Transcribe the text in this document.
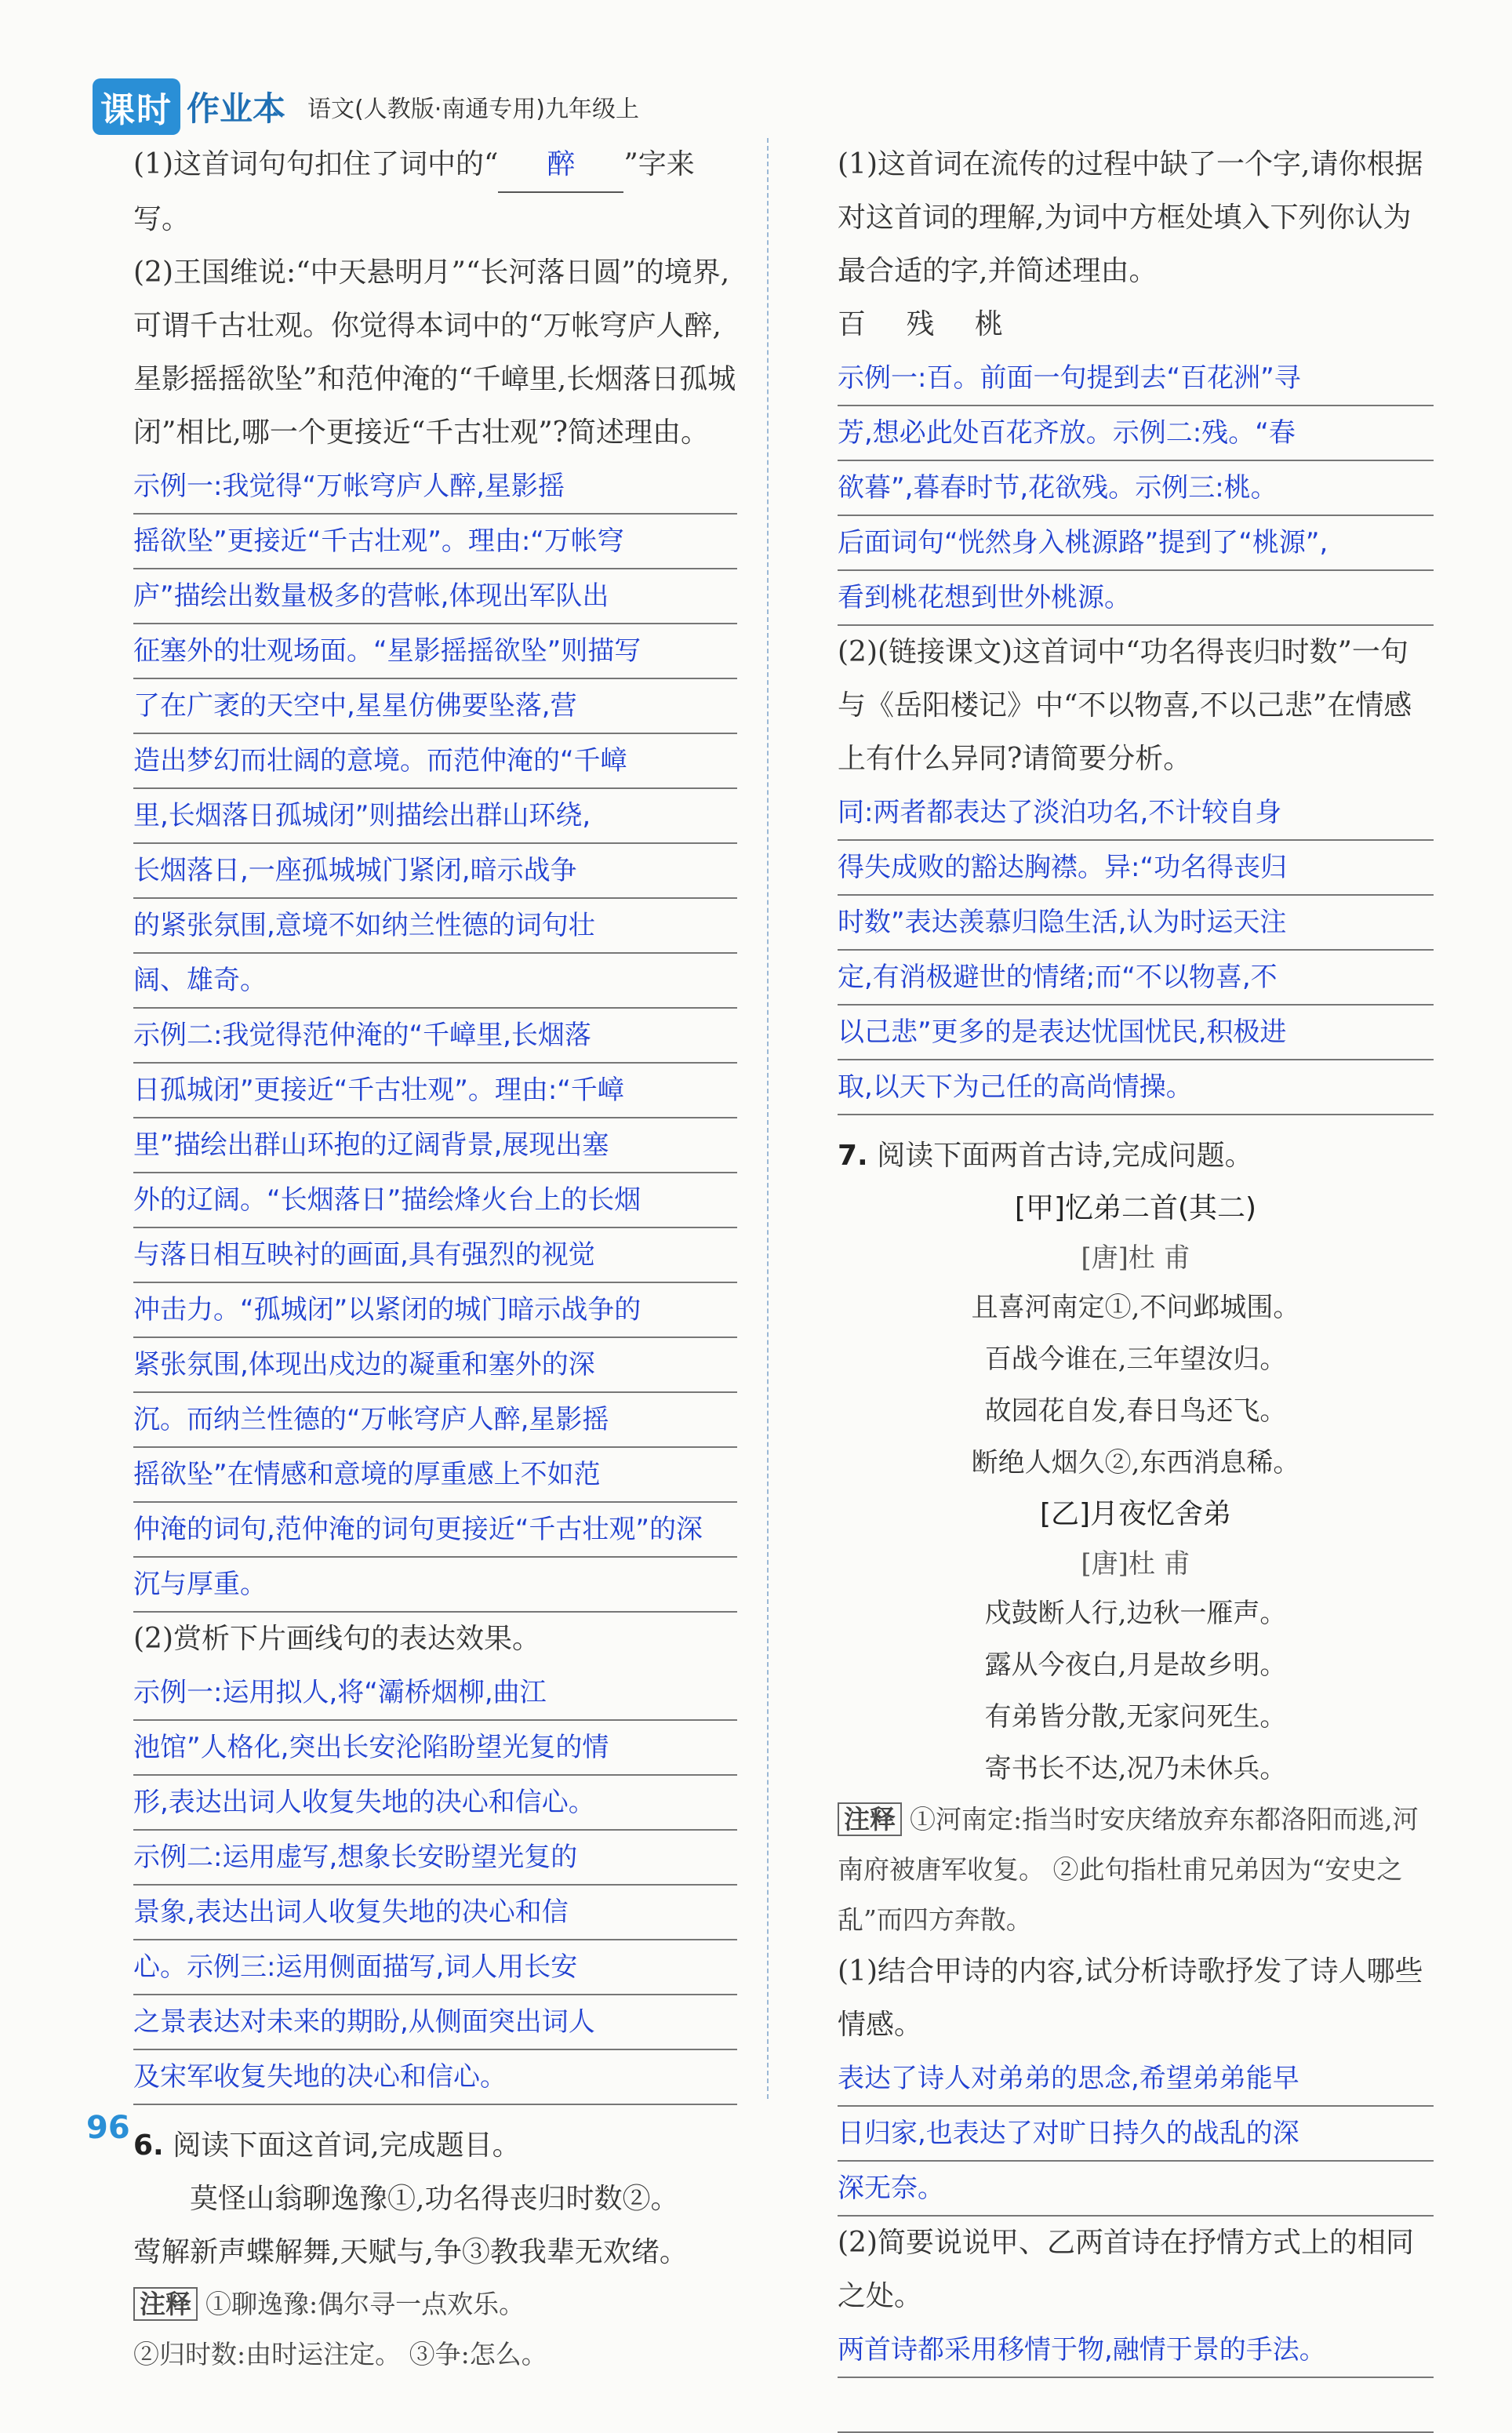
课时 作业本 语文(人教版·南通专用)九年级上

(1)这首词句句扣住了词中的“ 醉 ”字来写。

(2)王国维说:“中天悬明月”“长河落日圆”的境界,可谓千古壮观。你觉得本词中的“万帐穹庐人醉,星影摇摇欲坠”和范仲淹的“千嶂里,长烟落日孤城闭”相比,哪一个更接近“千古壮观”?简述理由。

示例一:我觉得“万帐穹庐人醉,星影摇

摇欲坠”更接近“千古壮观”。理由:“万帐穹

庐”描绘出数量极多的营帐,体现出军队出

征塞外的壮观场面。“星影摇摇欲坠”则描写

了在广袤的天空中,星星仿佛要坠落,营

造出梦幻而壮阔的意境。而范仲淹的“千嶂

里,长烟落日孤城闭”则描绘出群山环绕,

长烟落日,一座孤城城门紧闭,暗示战争

的紧张氛围,意境不如纳兰性德的词句壮

阔、雄奇。

示例二:我觉得范仲淹的“千嶂里,长烟落

日孤城闭”更接近“千古壮观”。理由:“千嶂

里”描绘出群山环抱的辽阔背景,展现出塞

外的辽阔。“长烟落日”描绘烽火台上的长烟

与落日相互映衬的画面,具有强烈的视觉

冲击力。“孤城闭”以紧闭的城门暗示战争的

紧张氛围,体现出戍边的凝重和塞外的深

沉。而纳兰性德的“万帐穹庐人醉,星影摇

摇欲坠”在情感和意境的厚重感上不如范

仲淹的词句,范仲淹的词句更接近“千古壮观”的深

沉与厚重。

(2)赏析下片画线句的表达效果。

示例一:运用拟人,将“灞桥烟柳,曲江

池馆”人格化,突出长安沦陷盼望光复的情

形,表达出词人收复失地的决心和信心。

示例二:运用虚写,想象长安盼望光复的

景象,表达出词人收复失地的决心和信

心。示例三:运用侧面描写,词人用长安

之景表达对未来的期盼,从侧面突出词人

及宋军收复失地的决心和信心。

6. 阅读下面这首词,完成题目。

莫怪山翁聊逸豫①,功名得丧归时数②。

莺解新声蝶解舞,天赋与,争③教我辈无欢绪。

注释 ①聊逸豫:偶尔寻一点欢乐。

②归时数:由时运注定。 ③争:怎么。

(1)这首词在流传的过程中缺了一个字,请你根据对这首词的理解,为词中方框处填入下列你认为最合适的字,并简述理由。

百 残 桃

示例一:百。前面一句提到去“百花洲”寻

芳,想必此处百花齐放。示例二:残。“春

欲暮”,暮春时节,花欲残。示例三:桃。

后面词句“恍然身入桃源路”提到了“桃源”,

看到桃花想到世外桃源。

(2)(链接课文)这首词中“功名得丧归时数”一句与《岳阳楼记》中“不以物喜,不以己悲”在情感上有什么异同?请简要分析。

同:两者都表达了淡泊功名,不计较自身

得失成败的豁达胸襟。异:“功名得丧归

时数”表达羡慕归隐生活,认为时运天注

定,有消极避世的情绪;而“不以物喜,不

以己悲”更多的是表达忧国忧民,积极进

取,以天下为己任的高尚情操。

7. 阅读下面两首古诗,完成问题。

[甲]忆弟二首(其二)

[唐]杜 甫

且喜河南定①,不问邺城围。

百战今谁在,三年望汝归。

故园花自发,春日鸟还飞。

断绝人烟久②,东西消息稀。

[乙]月夜忆舍弟

[唐]杜 甫

戍鼓断人行,边秋一雁声。

露从今夜白,月是故乡明。

有弟皆分散,无家问死生。

寄书长不达,况乃未休兵。

注释 ①河南定:指当时安庆绪放弃东都洛阳而逃,河南府被唐军收复。 ②此句指杜甫兄弟因为“安史之乱”而四方奔散。

(1)结合甲诗的内容,试分析诗歌抒发了诗人哪些情感。

表达了诗人对弟弟的思念,希望弟弟能早

日归家,也表达了对旷日持久的战乱的深

深无奈。

(2)简要说说甲、乙两首诗在抒情方式上的相同之处。

两首诗都采用移情于物,融情于景的手法。

96
